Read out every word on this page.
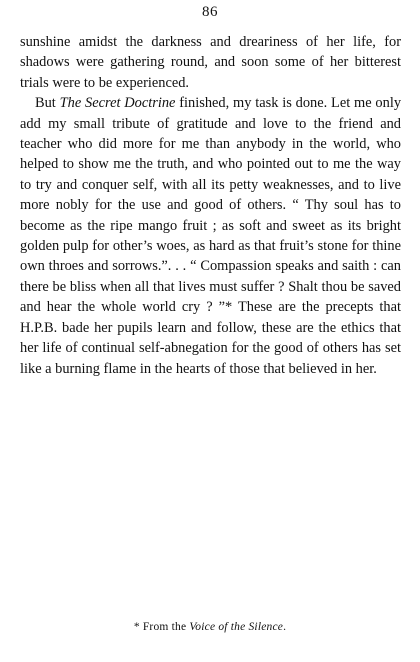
86

sunshine amidst the darkness and dreariness of her life, for shadows were gathering round, and soon some of her bitterest trials were to be experienced.

But The Secret Doctrine finished, my task is done. Let me only add my small tribute of gratitude and love to the friend and teacher who did more for me than anybody in the world, who helped to show me the truth, and who pointed out to me the way to try and conquer self, with all its petty weaknesses, and to live more nobly for the use and good of others. “ Thy soul has to become as the ripe mango fruit ; as soft and sweet as its bright golden pulp for other’s woes, as hard as that fruit’s stone for thine own throes and sorrows.”. . . “ Compassion speaks and saith : can there be bliss when all that lives must suffer ? Shalt thou be saved and hear the whole world cry ? ”* These are the precepts that H.P.B. bade her pupils learn and follow, these are the ethics that her life of continual self-abnegation for the good of others has set like a burning flame in the hearts of those that believed in her.

* From the Voice of the Silence.
